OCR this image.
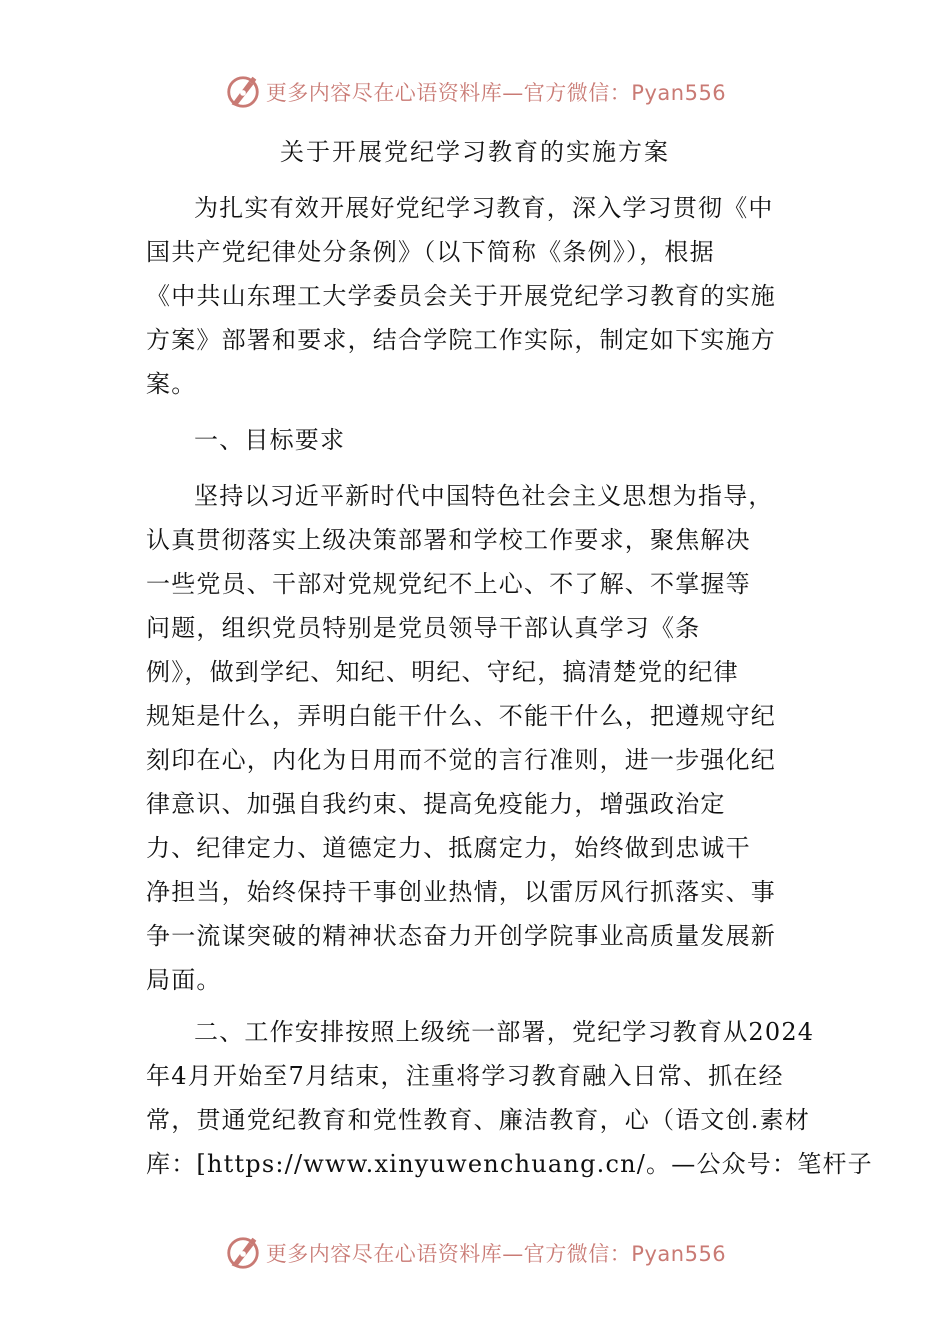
更多内容尽在心语资料库—官方微信：Pyan556
关于开展党纪学习教育的实施方案
为扎实有效开展好党纪学习教育，深入学习贯彻《中
国共产党纪律处分条例》（以下简称《条例》），根据
《中共山东理工大学委员会关于开展党纪学习教育的实施
方案》部署和要求，结合学院工作实际，制定如下实施方
案。
一、目标要求
坚持以习近平新时代中国特色社会主义思想为指导，
认真贯彻落实上级决策部署和学校工作要求，聚焦解决
一些党员、干部对党规党纪不上心、不了解、不掌握等
问题，组织党员特别是党员领导干部认真学习《条
例》，做到学纪、知纪、明纪、守纪，搞清楚党的纪律
规矩是什么，弄明白能干什么、不能干什么，把遵规守纪
刻印在心，内化为日用而不觉的言行准则，进一步强化纪
律意识、加强自我约束、提高免疫能力，增强政治定
力、纪律定力、道德定力、抵腐定力，始终做到忠诚干
净担当，始终保持干事创业热情，以雷厉风行抓落实、事
争一流谋突破的精神状态奋力开创学院事业高质量发展新
局面。
二、工作安排按照上级统一部署，党纪学习教育从2024
年4月开始至7月结束，注重将学习教育融入日常、抓在经
常，贯通党纪教育和党性教育、廉洁教育，心（语文创.素材
库：[https://www.xinyuwenchuang.cn/。—公众号：笔杆子
更多内容尽在心语资料库—官方微信：Pyan556
